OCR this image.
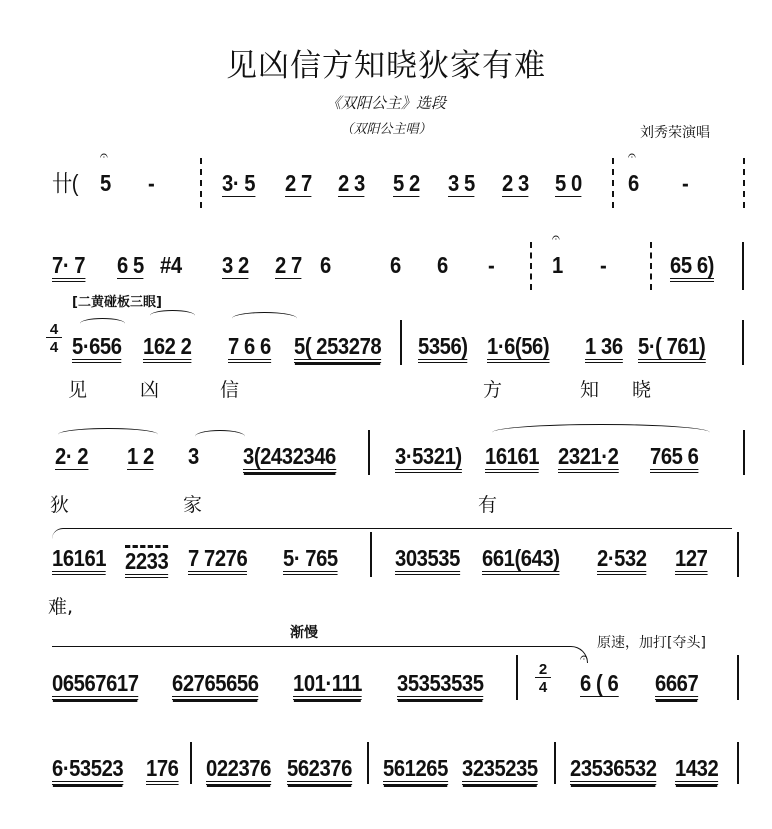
见凶信方知晓狄家有难
《双阳公主》选段
（双阳公主唱）	刘秀荣演唱
𝄐
卄( 5 -	3· 5 2 7 2 3 5 2 3 5 2 3 5 0
𝄐
6 -
7· 7 6 5 #4 3 2 2 7 6	6 6 -
𝄐
1 -	65 6)
[二黄碰板三眼]
4
4 5·656 162 2 7 6 6 5( 253278 5356) 1·6(56) 1 36 5·( 761)
见	凶	信	方	知 晓
2· 2 1 2 3 3(2432346	3·5321) 16161 2321·2 765 6
狄	家	有
16161 2233 7 7276 5· 765 303535 661(643) 2·532 127
难,
渐慢
原速，加打[夺头]
06567617 62765656 101·111 35353535
2
4
𝄐
6 ( 6 6667
6·53523 176 022376 562376 561265 3235235 23536532 1432
